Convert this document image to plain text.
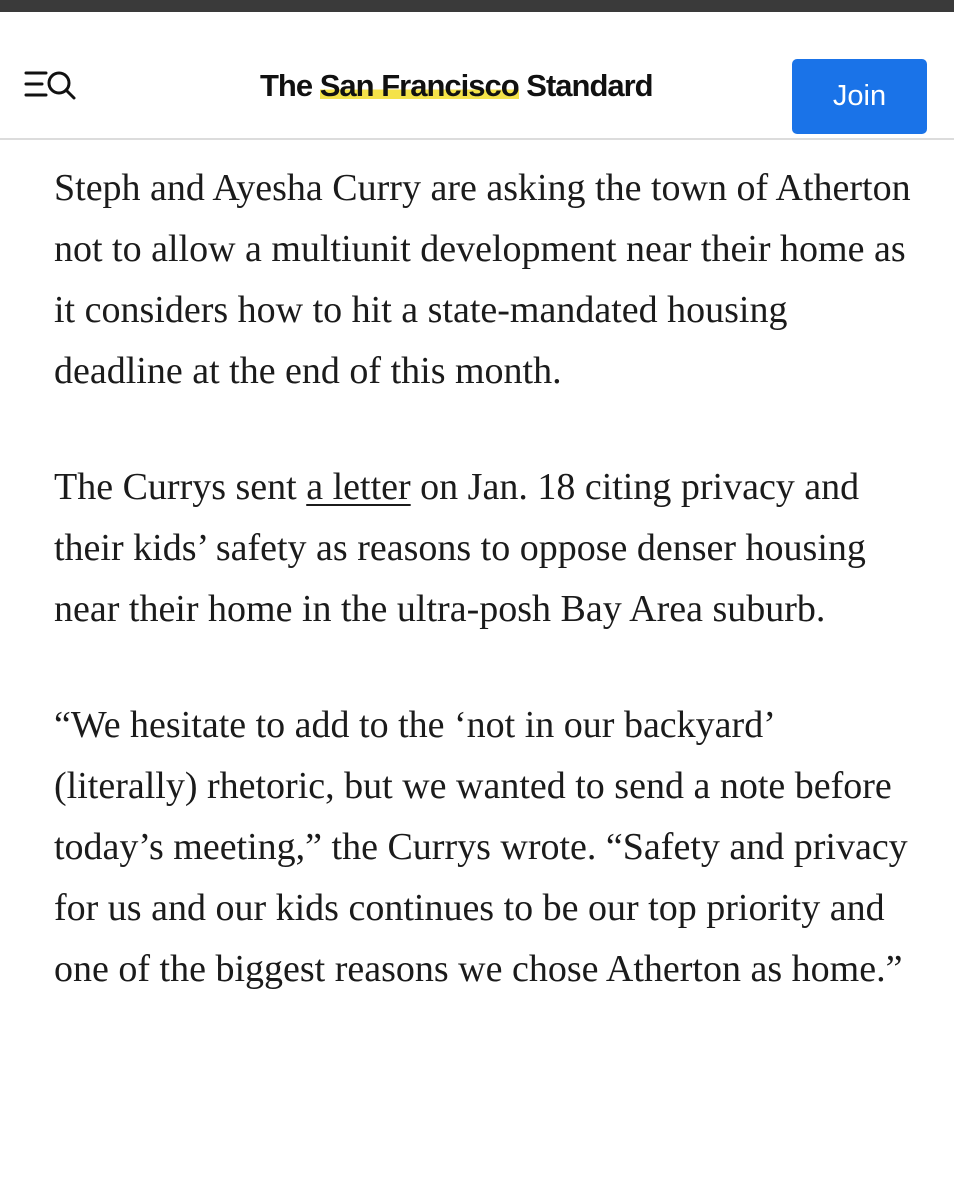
The San Francisco Standard	Join

Steph and Ayesha Curry are asking the town of Atherton not to allow a multiunit development near their home as it considers how to hit a state-mandated housing deadline at the end of this month.

The Currys sent a letter on Jan. 18 citing privacy and their kids’ safety as reasons to oppose denser housing near their home in the ultra-posh Bay Area suburb.

“We hesitate to add to the ‘not in our backyard’ (literally) rhetoric, but we wanted to send a note before today’s meeting,” the Currys wrote. “Safety and privacy for us and our kids continues to be our top priority and one of the biggest reasons we chose Atherton as home.”
